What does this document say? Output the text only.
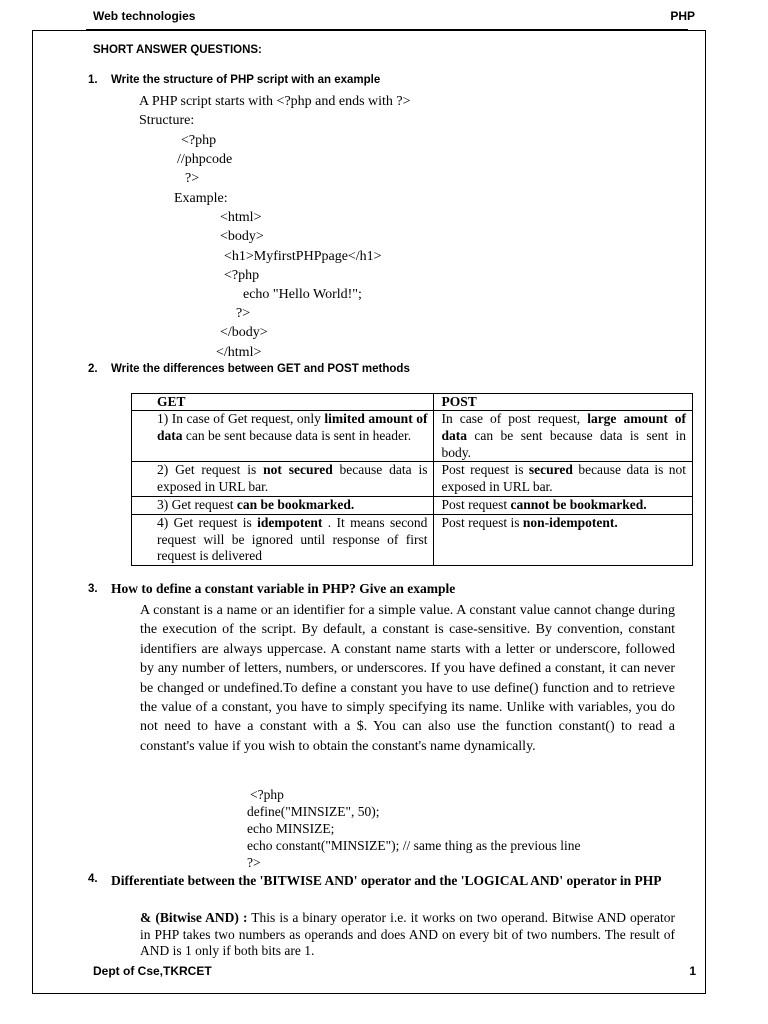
Web technologies	PHP
SHORT ANSWER QUESTIONS:
1. Write the structure of PHP script with an example
A PHP script starts with <?php and ends with ?>
Structure:
<?php
//phpcode
?>
Example:
<html>
<body>
<h1>MyfirstPHPpage</h1>
<?php
echo "Hello World!";
?>
</body>
</html>
2. Write the differences between GET and POST methods
GET	POST
1) In case of Get request, only limited amount of data can be sent because data is sent in header.	In case of post request, large amount of data can be sent because data is sent in body.
2) Get request is not secured because data is exposed in URL bar.	Post request is secured because data is not exposed in URL bar.
3) Get request can be bookmarked.	Post request cannot be bookmarked.
4) Get request is idempotent . It means second request will be ignored until response of first request is delivered	Post request is non-idempotent.
3. How to define a constant variable in PHP? Give an example
A constant is a name or an identifier for a simple value. A constant value cannot change during the execution of the script. By default, a constant is case-sensitive. By convention, constant identifiers are always uppercase. A constant name starts with a letter or underscore, followed by any number of letters, numbers, or underscores. If you have defined a constant, it can never be changed or undefined.To define a constant you have to use define() function and to retrieve the value of a constant, you have to simply specifying its name. Unlike with variables, you do not need to have a constant with a $. You can also use the function constant() to read a constant's value if you wish to obtain the constant's name dynamically.
<?php
define("MINSIZE", 50);
echo MINSIZE;
echo constant("MINSIZE"); // same thing as the previous line
?>
4. Differentiate between the 'BITWISE AND' operator and the 'LOGICAL AND' operator in PHP
& (Bitwise AND) : This is a binary operator i.e. it works on two operand. Bitwise AND operator in PHP takes two numbers as operands and does AND on every bit of two numbers. The result of AND is 1 only if both bits are 1.
Dept of Cse,TKRCET	1
